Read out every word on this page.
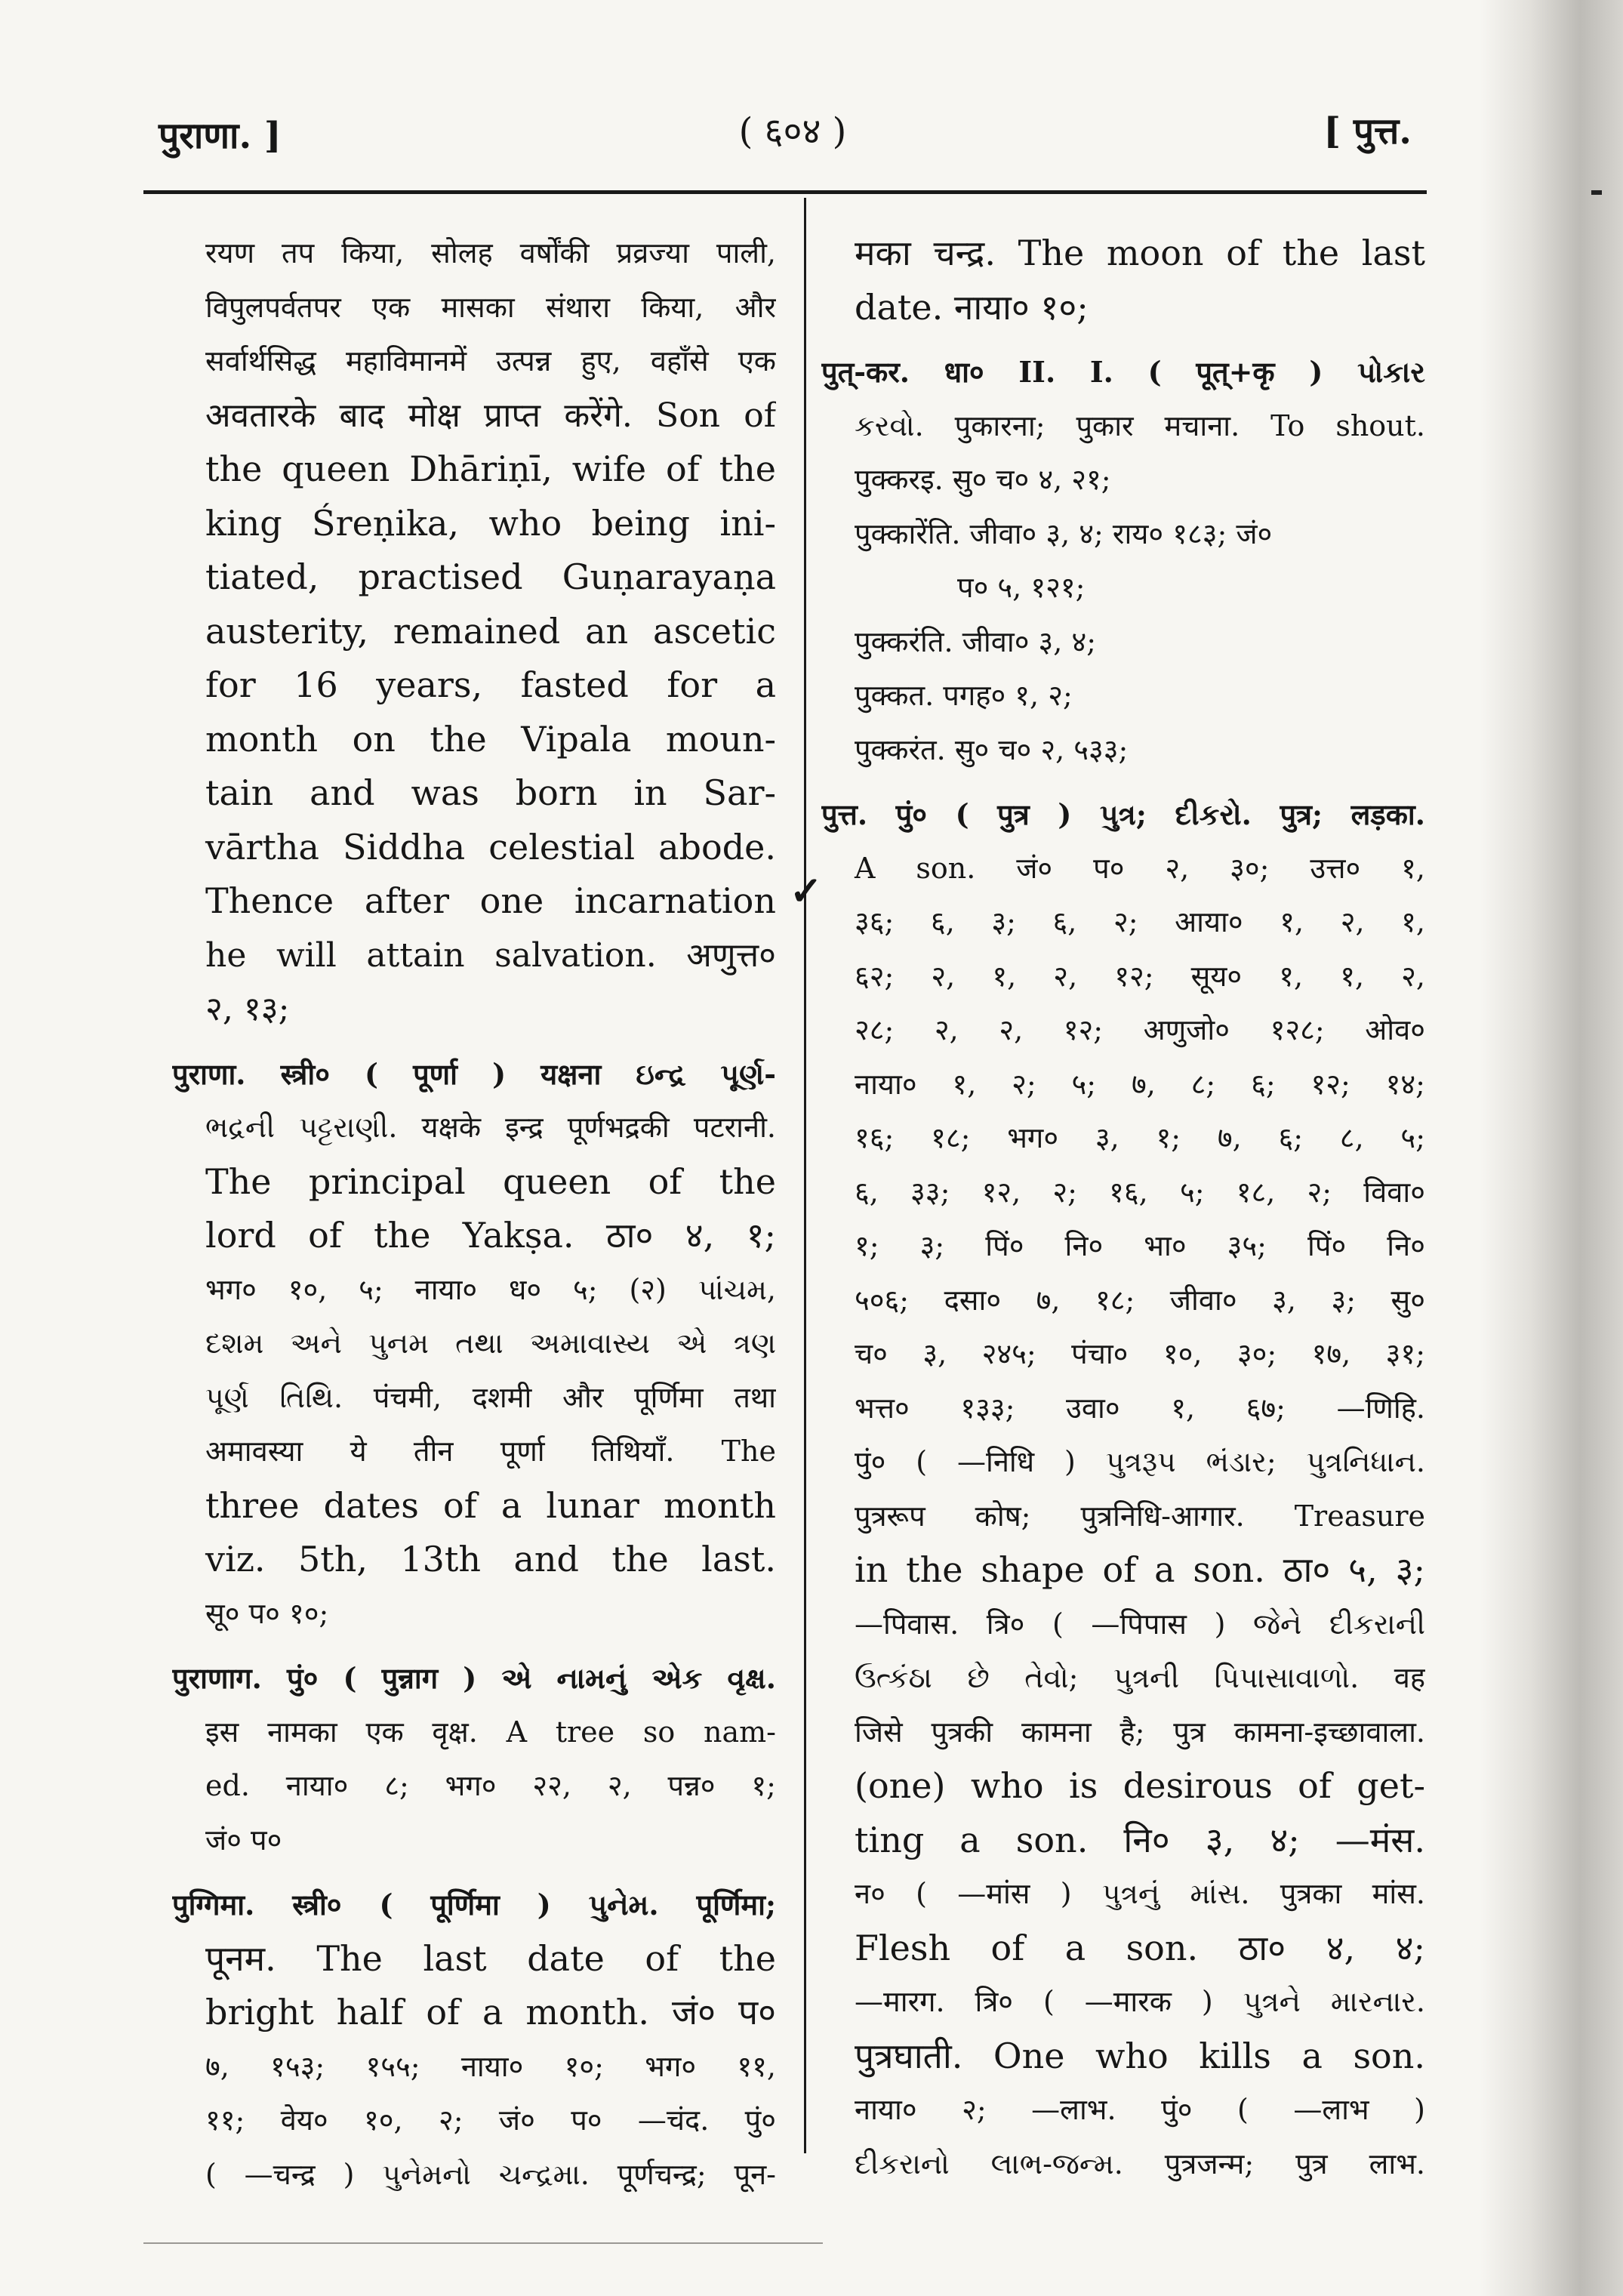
पुराणा. ]	( ६०४ )	[ पुत्त.
रयण तप किया, सोलह वर्षोंकी प्रव्रज्या पाली,
विपुलपर्वतपर एक मासका संथारा किया, और
सर्वार्थसिद्ध महाविमानमें उत्पन्न हुए, वहाँसे एक
अवतारके बाद मोक्ष प्राप्त करेंगे. Son of
the queen Dhāriṇī, wife of the
king Śreṇika, who being ini-
tiated, practised Guṇarayaṇa
austerity, remained an ascetic
for 16 years, fasted for a
month on the Vipala moun-
tain and was born in Sar-
vārtha Siddha celestial abode.
Thence after one incarnation
he will attain salvation. अणुत्त०
२, १३;
पुराणा. स्त्री० ( पूर्णा ) यक्षना ઇન્દ્ર પૂર્ણ-
ભદ્રની પટ્ટરાણી. यक्षके इन्द्र पूर्णभद्रकी पटरानी.
The principal queen of the
lord of the Yakṣa. ठा० ४, १;
भग० १०, ५; नाया० ध० ५; (२) પાંચમ,
દશમ અને પુનમ તથા અમાવાસ્ય એ ત્રણ
પૂર્ણ તિથિ. पंचमी, दशमी और पूर्णिमा तथा
अमावस्या ये तीन पूर्णा तिथियाँ. The
three dates of a lunar month
viz. 5th, 13th and the last.
सू० प० १०;
पुराणाग. पुं० ( पुन्नाग ) એ નામનું એક વૃક્ષ.
इस नामका एक वृक्ष. A tree so nam-
ed. नाया० ८; भग० २२, २, पन्न० १;
जं० प०
पुग्गिमा. स्त्री० ( पूर्णिमा ) પુનેમ. पूर्णिमा;
पूनम. The last date of the
bright half of a month. जं० प०
७, १५३; १५५; नाया० १०; भग० ११,
११; वेय० १०, २; जं० प० —चंद. पुं०
( —चन्द्र ) પુનેમનો ચન્દ્રમા. पूर्णचन्द्र; पून-
✓
मका चन्द्र. The moon of the last
date. नाया० १०;
पुत्-कर. धा० II. I. ( पूत्+कृ ) પોકાર
કરવો. पुकारना; पुकार मचाना. To shout.
पुक्करइ. सु० च० ४, २१;
पुक्कारेंति. जीवा० ३, ४; राय० १८३; जं०
प० ५, १२१;
पुक्करंति. जीवा० ३, ४;
पुक्कत. पगह० १, २;
पुक्करंत. सु० च० २, ५३३;
पुत्त. पुं० ( पुत्र ) પુત્ર; દીકરો. पुत्र; लड़का.
A son. जं० प० २, ३०; उत्त० १,
३६; ६, ३; ६, २; आया० १, २, १,
६२; २, १, २, १२; सूय० १, १, २,
२८; २, २, १२; अणुजो० १२८; ओव०
नाया० १, २; ५; ७, ८; ६; १२; १४;
१६; १८; भग० ३, १; ७, ६; ८, ५;
६, ३३; १२, २; १६, ५; १८, २; विवा०
१; ३; पिं० नि० भा० ३५; पिं० नि०
५०६; दसा० ७, १८; जीवा० ३, ३; सु०
च० ३, २४५; पंचा० १०, ३०; १७, ३१;
भत्त० १३३; उवा० १, ६७; —णिहि.
पुं० ( —निधि ) પુત્રરૂપ ભંડાર; પુત્રનિધાન.
पुत्ररूप कोष; पुत्रनिधि-आगार. Treasure
in the shape of a son. ठा० ५, ३;
—पिवास. त्रि० ( —पिपास ) જેને દીકરાની
ઉત્કંઠા છે તેવો; પુત્રની પિપાસાવાળો. वह
जिसे पुत्रकी कामना है; पुत्र कामना-इच्छावाला.
(one) who is desirous of get-
ting a son. नि० ३, ४; —मंस.
न० ( —मांस ) પુત્રનું માંસ. पुत्रका मांस.
Flesh of a son. ठा० ४, ४;
—मारग. त्रि० ( —मारक ) પુત્રને મારનાર.
पुत्रघाती. One who kills a son.
नाया० २; —लाभ. पुं० ( —लाभ )
દીકરાનો લાભ-જન્મ. पुत्रजन्म; पुत्र लाभ.
